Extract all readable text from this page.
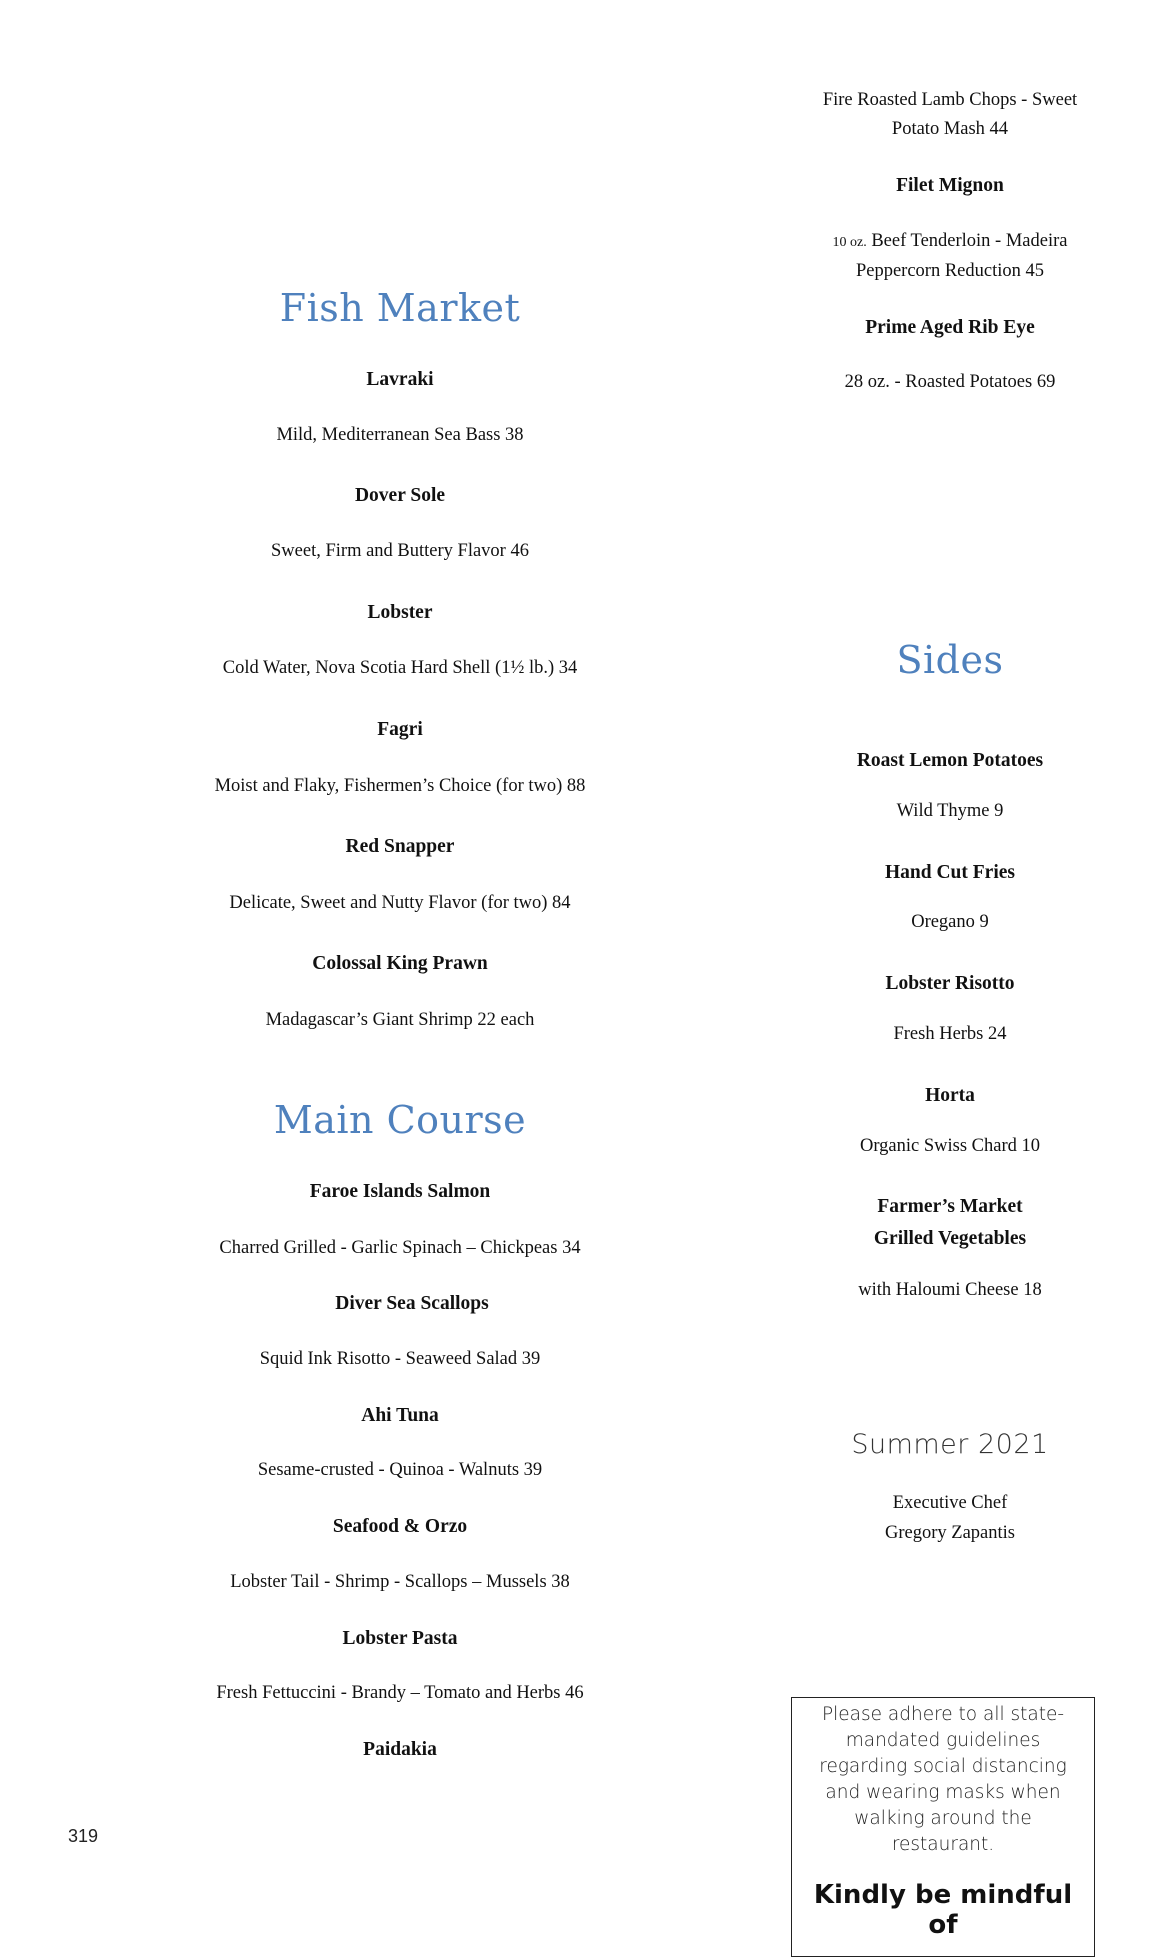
Fire Roasted Lamb Chops - Sweet
Potato Mash 44
Filet Mignon
10 oz. Beef Tenderloin - Madeira
Peppercorn Reduction 45
Prime Aged Rib Eye
28 oz. - Roasted Potatoes 69
Sides
Roast Lemon Potatoes
Wild Thyme 9
Hand Cut Fries
Oregano 9
Lobster Risotto
Fresh Herbs 24
Horta
Organic Swiss Chard 10
Farmer’s Market
Grilled Vegetables
with Haloumi Cheese 18
Summer 2021
Executive Chef
Gregory Zapantis
Fish Market
Lavraki
Mild, Mediterranean Sea Bass 38
Dover Sole
Sweet, Firm and Buttery Flavor 46
Lobster
Cold Water, Nova Scotia Hard Shell (1½ lb.) 34
Fagri
Moist and Flaky, Fishermen’s Choice (for two) 88
Red Snapper
Delicate, Sweet and Nutty Flavor (for two) 84
Colossal King Prawn
Madagascar’s Giant Shrimp 22 each
Main Course
Faroe Islands Salmon
Charred Grilled - Garlic Spinach – Chickpeas 34
Diver Sea Scallops
Squid Ink Risotto - Seaweed Salad 39
Ahi Tuna
Sesame-crusted - Quinoa - Walnuts 39
Seafood & Orzo
Lobster Tail - Shrimp - Scallops – Mussels 38
Lobster Pasta
Fresh Fettuccini - Brandy – Tomato and Herbs 46
Paidakia
Please adhere to all state-
mandated guidelines
regarding social distancing
and wearing masks when
walking around the
restaurant.
Kindly be mindful of
319
